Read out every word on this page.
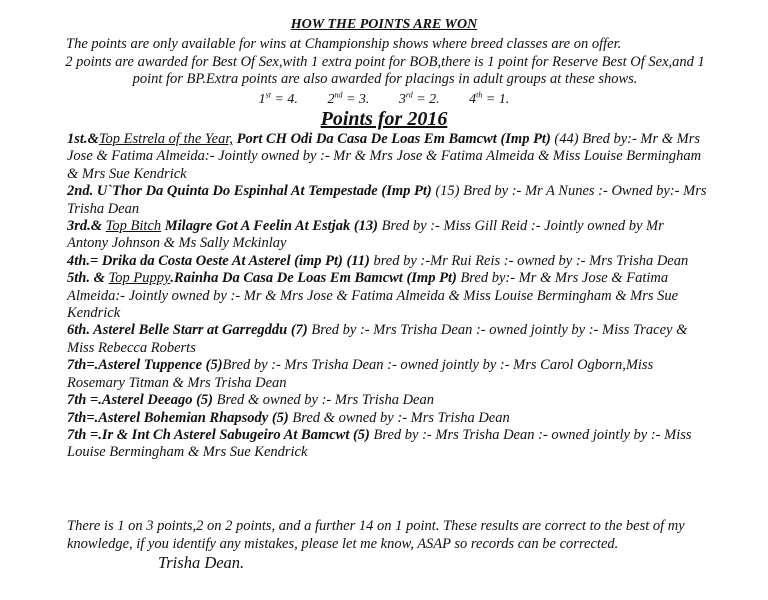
HOW THE POINTS ARE WON
The points are only available for wins at Championship shows where breed classes are on offer.
2 points are awarded for Best Of Sex,with 1 extra point for BOB,there is 1 point for Reserve Best Of Sex,and 1 point for BP.Extra points are also awarded for placings in adult groups at these shows.
1st = 4. 2nd = 3. 3rd = 2. 4th = 1.
Points for 2016

1st.&Top Estrela of the Year, Port CH Odi Da Casa De Loas Em Bamcwt (Imp Pt) (44) Bred by:- Mr & Mrs Jose & Fatima Almeida:- Jointly owned by :- Mr & Mrs Jose & Fatima Almeida & Miss Louise Bermingham & Mrs Sue Kendrick

2nd. U`Thor Da Quinta Do Espinhal At Tempestade (Imp Pt) (15) Bred by :- Mr A Nunes :- Owned by:- Mrs Trisha Dean

3rd.& Top Bitch Milagre Got A Feelin At Estjak (13) Bred by :- Miss Gill Reid :- Jointly owned by Mr Antony Johnson & Ms Sally Mckinlay

4th.= Drika da Costa Oeste At Asterel (imp Pt) (11) bred by :-Mr Rui Reis :- owned by :- Mrs Trisha Dean

5th. & Top Puppy.Rainha Da Casa De Loas Em Bamcwt (Imp Pt) Bred by:- Mr & Mrs Jose & Fatima Almeida:- Jointly owned by :- Mr & Mrs Jose & Fatima Almeida & Miss Louise Bermingham & Mrs Sue Kendrick

6th. Asterel Belle Starr at Garregddu (7) Bred by :- Mrs Trisha Dean :- owned jointly by :- Miss Tracey & Miss Rebecca Roberts

7th=.Asterel Tuppence (5)Bred by :- Mrs Trisha Dean :- owned jointly by :- Mrs Carol Ogborn,Miss Rosemary Titman & Mrs Trisha Dean

7th =.Asterel Deeago (5) Bred & owned by :- Mrs Trisha Dean

7th=.Asterel Bohemian Rhapsody (5) Bred & owned by :- Mrs Trisha Dean

7th =.Ir & Int Ch Asterel Sabugeiro At Bamcwt (5) Bred by :- Mrs Trisha Dean :- owned jointly by :- Miss Louise Bermingham & Mrs Sue Kendrick

There is 1 on 3 points,2 on 2 points, and a further 14 on 1 point. These results are correct to the best of my knowledge, if you identify any mistakes, please let me know, ASAP so records can be corrected.
Trisha Dean.
